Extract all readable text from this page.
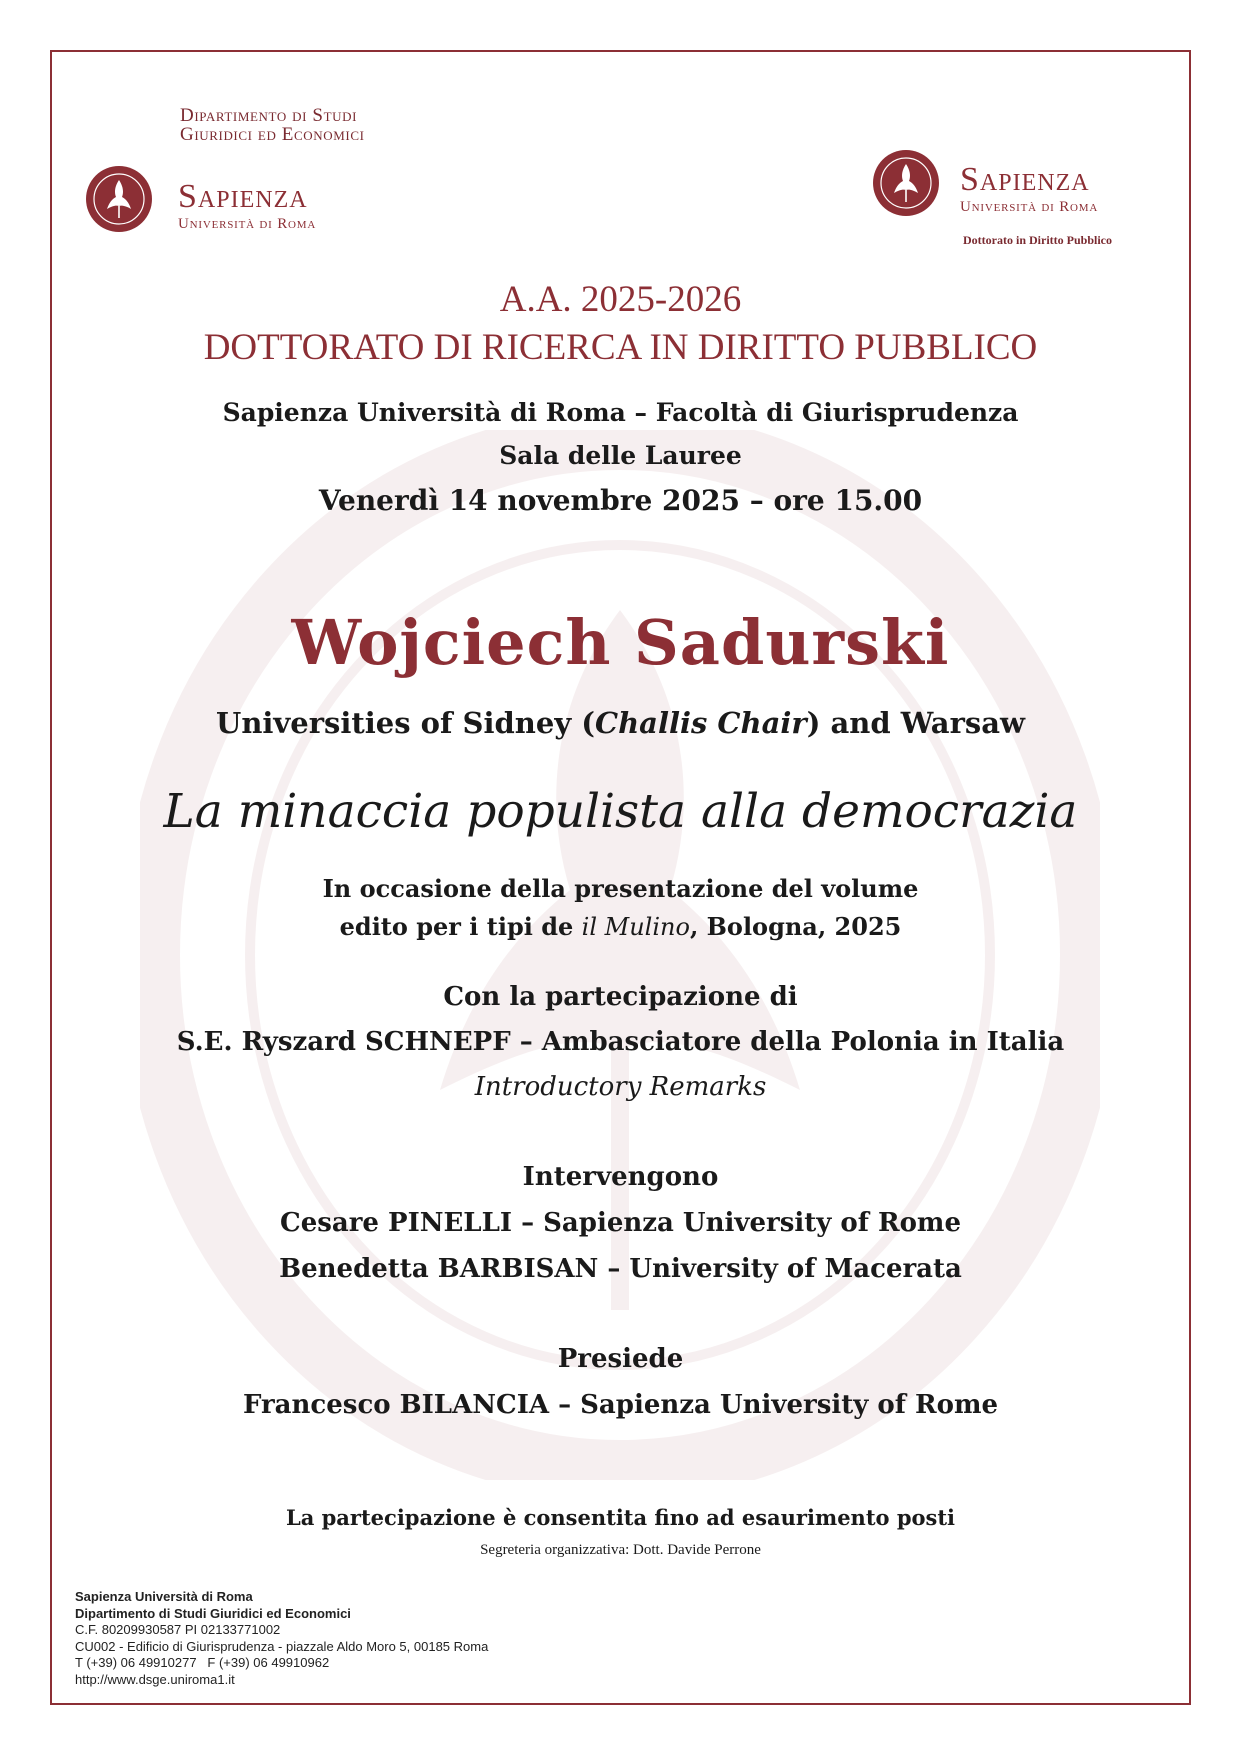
Dipartimento di Studi
Giuridici ed Economici
Sapienza
Università di Roma
Sapienza
Università di Roma
Dottorato in Diritto Pubblico
A.A. 2025-2026
DOTTORATO DI RICERCA IN DIRITTO PUBBLICO
Sapienza Università di Roma – Facoltà di Giurisprudenza
Sala delle Lauree
Venerdì 14 novembre 2025 – ore 15.00
Wojciech Sadurski
Universities of Sidney (Challis Chair) and Warsaw
La minaccia populista alla democrazia
In occasione della presentazione del volume
edito per i tipi de il Mulino, Bologna, 2025
Con la partecipazione di
S.E. Ryszard SCHNEPF – Ambasciatore della Polonia in Italia
Introductory Remarks
Intervengono
Cesare PINELLI – Sapienza University of Rome
Benedetta BARBISAN – University of Macerata
Presiede
Francesco BILANCIA – Sapienza University of Rome
La partecipazione è consentita fino ad esaurimento posti
Segreteria organizzativa: Dott. Davide Perrone
Sapienza Università di Roma
Dipartimento di Studi Giuridici ed Economici
C.F. 80209930587 PI 02133771002
CU002 - Edificio di Giurisprudenza - piazzale Aldo Moro 5, 00185 Roma
T (+39) 06 49910277   F (+39) 06 49910962
http://www.dsge.uniroma1.it
